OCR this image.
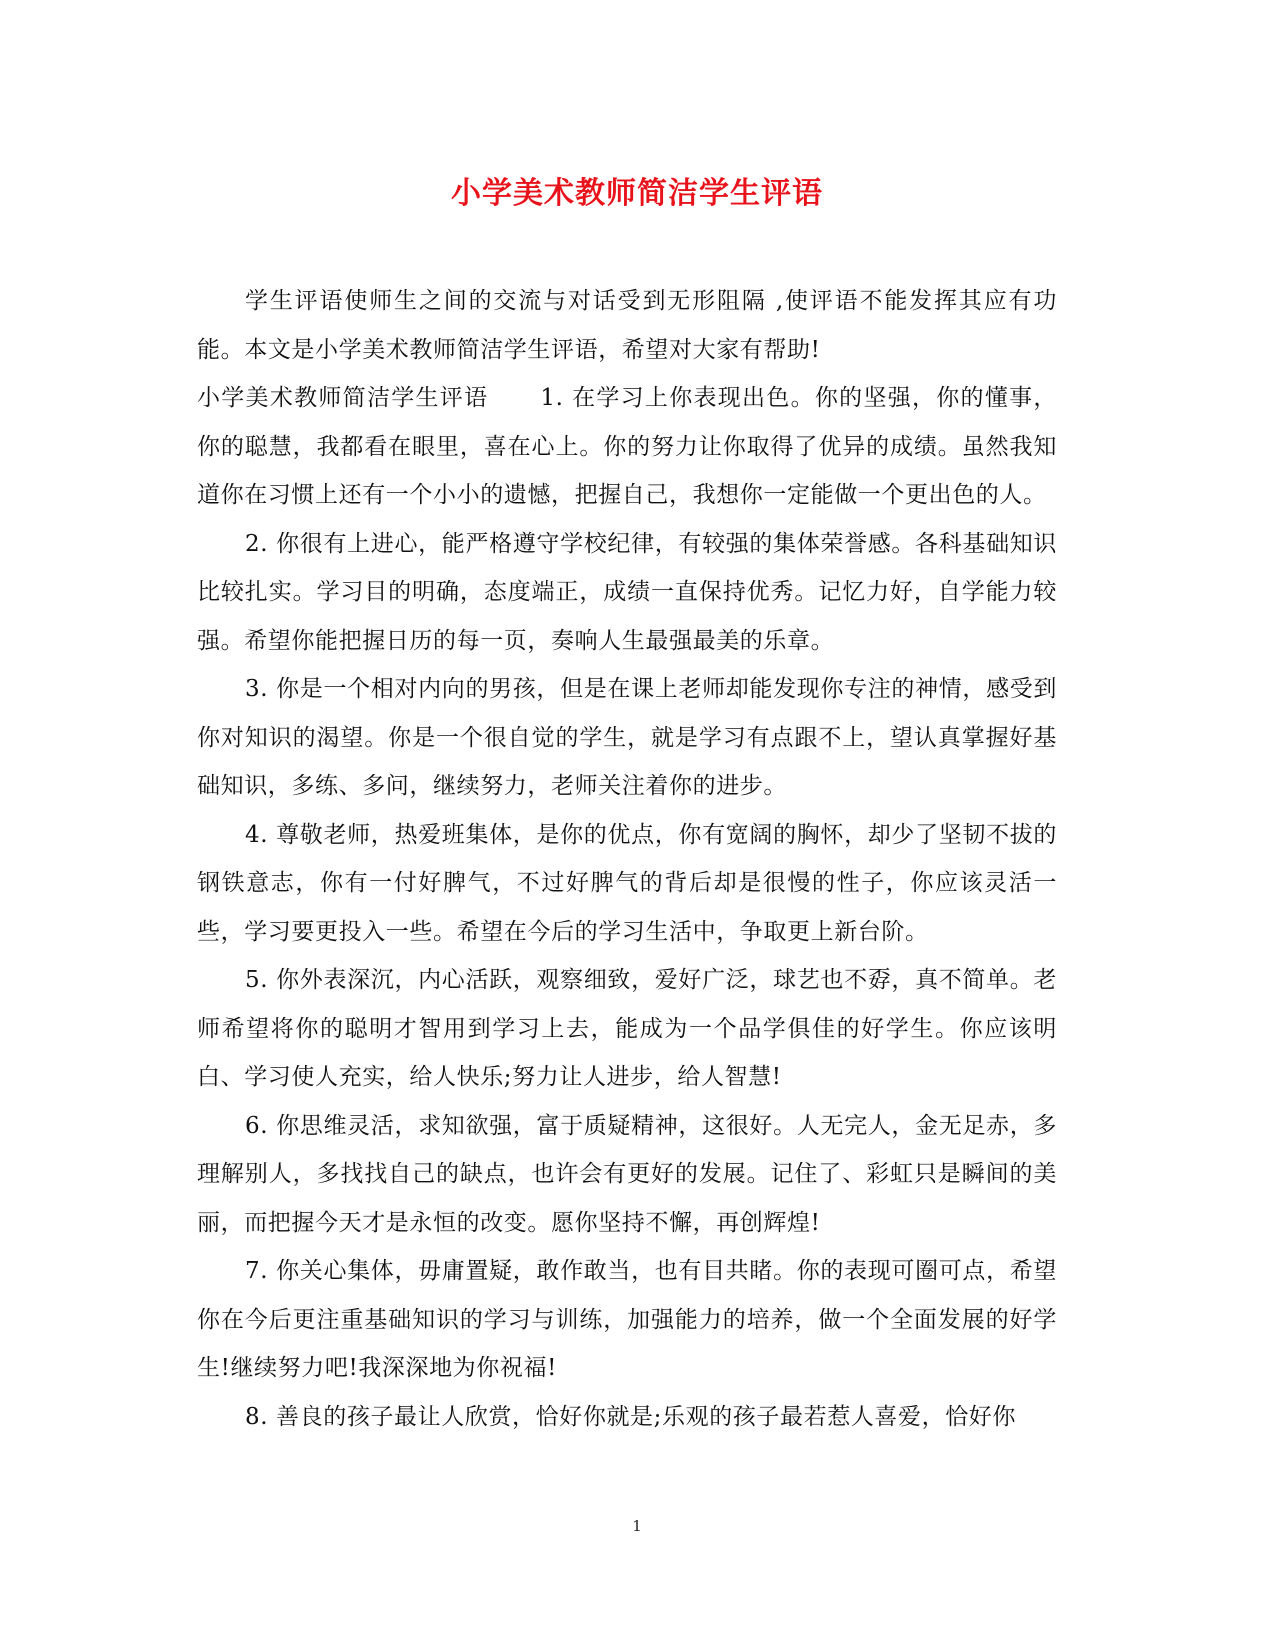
小学美术教师简洁学生评语

学生评语使师生之间的交流与对话受到无形阻隔 ,使评语不能发挥其应有功能。本文是小学美术教师简洁学生评语，希望对大家有帮助!

小学美术教师简洁学生评语 1. 在学习上你表现出色。你的坚强，你的懂事，你的聪慧，我都看在眼里，喜在心上。你的努力让你取得了优异的成绩。虽然我知道你在习惯上还有一个小小的遗憾，把握自己，我想你一定能做一个更出色的人。

2. 你很有上进心，能严格遵守学校纪律，有较强的集体荣誉感。各科基础知识比较扎实。学习目的明确，态度端正，成绩一直保持优秀。记忆力好，自学能力较强。希望你能把握日历的每一页，奏响人生最强最美的乐章。

3. 你是一个相对内向的男孩，但是在课上老师却能发现你专注的神情，感受到你对知识的渴望。你是一个很自觉的学生，就是学习有点跟不上，望认真掌握好基础知识，多练、多问，继续努力，老师关注着你的进步。

4. 尊敬老师，热爱班集体，是你的优点，你有宽阔的胸怀，却少了坚韧不拔的钢铁意志，你有一付好脾气，不过好脾气的背后却是很慢的性子，你应该灵活一些，学习要更投入一些。希望在今后的学习生活中，争取更上新台阶。

5. 你外表深沉，内心活跃，观察细致，爱好广泛，球艺也不孬，真不简单。老师希望将你的聪明才智用到学习上去，能成为一个品学俱佳的好学生。你应该明白、学习使人充实，给人快乐;努力让人进步，给人智慧!

6. 你思维灵活，求知欲强，富于质疑精神，这很好。人无完人，金无足赤，多理解别人，多找找自己的缺点，也许会有更好的发展。记住了、彩虹只是瞬间的美丽，而把握今天才是永恒的改变。愿你坚持不懈，再创辉煌!

7. 你关心集体，毋庸置疑，敢作敢当，也有目共睹。你的表现可圈可点，希望你在今后更注重基础知识的学习与训练，加强能力的培养，做一个全面发展的好学生!继续努力吧!我深深地为你祝福!

8. 善良的孩子最让人欣赏，恰好你就是;乐观的孩子最若惹人喜爱，恰好你

1
